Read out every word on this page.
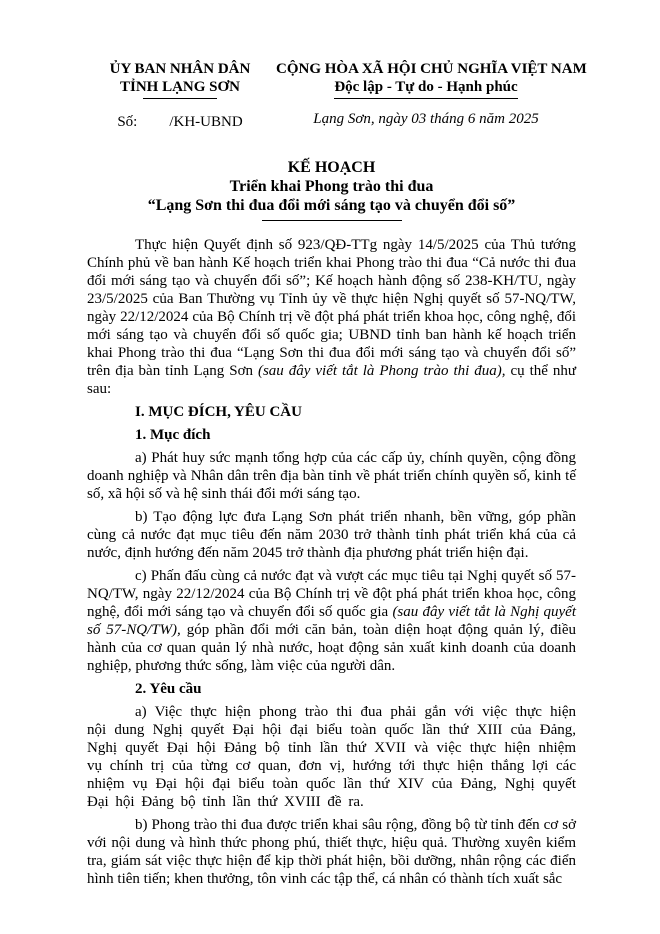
ỦY BAN NHÂN DÂN
TỈNH LẠNG SƠN
Số: /KH-UBND
CỘNG HÒA XÃ HỘI CHỦ NGHĨA VIỆT NAM
Độc lập - Tự do - Hạnh phúc
Lạng Sơn, ngày 03 tháng 6 năm 2025
KẾ HOẠCH
Triển khai Phong trào thi đua
“Lạng Sơn thi đua đổi mới sáng tạo và chuyển đổi số”

Thực hiện Quyết định số 923/QĐ-TTg ngày 14/5/2025 của Thủ tướng Chính phủ về ban hành Kế hoạch triển khai Phong trào thi đua “Cả nước thi đua đổi mới sáng tạo và chuyển đổi số”; Kế hoạch hành động số 238-KH/TU, ngày 23/5/2025 của Ban Thường vụ Tỉnh ủy về thực hiện Nghị quyết số 57-NQ/TW, ngày 22/12/2024 của Bộ Chính trị về đột phá phát triển khoa học, công nghệ, đổi mới sáng tạo và chuyển đổi số quốc gia; UBND tỉnh ban hành kế hoạch triển khai Phong trào thi đua “Lạng Sơn thi đua đổi mới sáng tạo và chuyển đổi số” trên địa bàn tỉnh Lạng Sơn (sau đây viết tắt là Phong trào thi đua), cụ thể như sau:

I. MỤC ĐÍCH, YÊU CẦU

1. Mục đích

a) Phát huy sức mạnh tổng hợp của các cấp ủy, chính quyền, cộng đồng doanh nghiệp và Nhân dân trên địa bàn tỉnh về phát triển chính quyền số, kinh tế số, xã hội số và hệ sinh thái đổi mới sáng tạo.

b) Tạo động lực đưa Lạng Sơn phát triển nhanh, bền vững, góp phần cùng cả nước đạt mục tiêu đến năm 2030 trở thành tỉnh phát triển khá của cả nước, định hướng đến năm 2045 trở thành địa phương phát triển hiện đại.

c) Phấn đấu cùng cả nước đạt và vượt các mục tiêu tại Nghị quyết số 57-NQ/TW, ngày 22/12/2024 của Bộ Chính trị về đột phá phát triển khoa học, công nghệ, đổi mới sáng tạo và chuyển đổi số quốc gia (sau đây viết tắt là Nghị quyết số 57-NQ/TW), góp phần đổi mới căn bản, toàn diện hoạt động quản lý, điều hành của cơ quan quản lý nhà nước, hoạt động sản xuất kinh doanh của doanh nghiệp, phương thức sống, làm việc của người dân.

2. Yêu cầu

a) Việc thực hiện phong trào thi đua phải gắn với việc thực hiện nội dung Nghị quyết Đại hội đại biểu toàn quốc lần thứ XIII của Đảng, Nghị quyết Đại hội Đảng bộ tỉnh lần thứ XVII và việc thực hiện nhiệm vụ chính trị của từng cơ quan, đơn vị, hướng tới thực hiện thắng lợi các nhiệm vụ Đại hội đại biểu toàn quốc lần thứ XIV của Đảng, Nghị quyết Đại hội Đảng bộ tỉnh lần thứ XVIII đề ra.

b) Phong trào thi đua được triển khai sâu rộng, đồng bộ từ tỉnh đến cơ sở với nội dung và hình thức phong phú, thiết thực, hiệu quả. Thường xuyên kiểm tra, giám sát việc thực hiện để kịp thời phát hiện, bồi dưỡng, nhân rộng các điển hình tiên tiến; khen thưởng, tôn vinh các tập thể, cá nhân có thành tích xuất sắc
